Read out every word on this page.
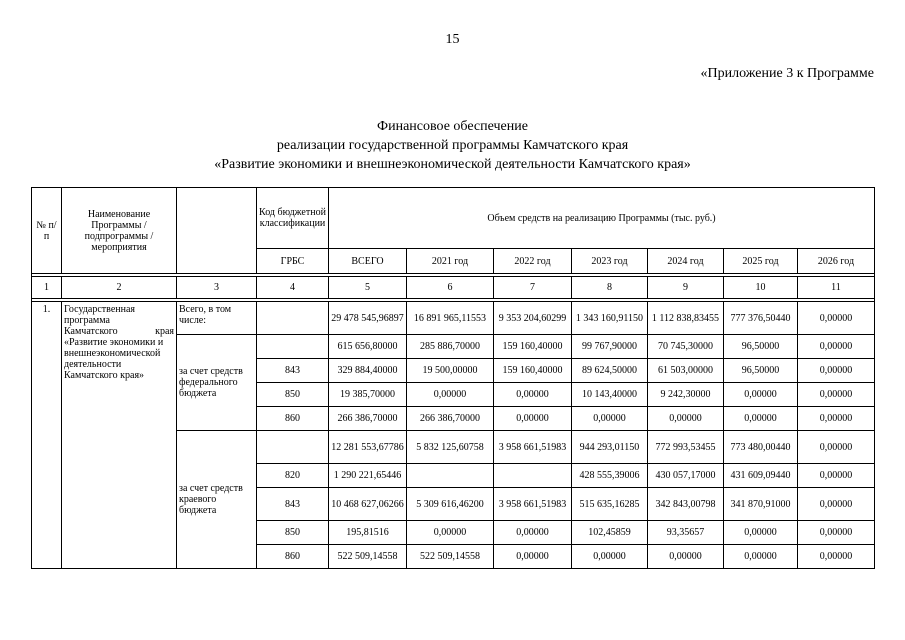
15
«Приложение 3 к Программе
Финансовое обеспечение
реализации государственной программы Камчатского края
«Развитие экономики и внешнеэкономической деятельности Камчатского края»
№ п/п	Наименование Программы / подпрограммы / мероприятия		Код бюджетной классификации	Объем средств на реализацию Программы (тыс. руб.)						
			ГРБС	ВСЕГО	2021 год	2022 год	2023 год	2024 год	2025 год	2026 год

1	2	3	4	5	6	7	8	9	10	11

1.	Государственная программа
Камчатского края
«Развитие экономики и внешнеэкономической деятельности Камчатского края»	Всего, в том числе:		29 478 545,96897	16 891 965,11553	9 353 204,60299	1 343 160,91150	1 112 838,83455	777 376,50440	0,00000
		за счет средств федерального бюджета		615 656,80000	285 886,70000	159 160,40000	99 767,90000	70 745,30000	96,50000	0,00000
			843	329 884,40000	19 500,00000	159 160,40000	89 624,50000	61 503,00000	96,50000	0,00000
			850	19 385,70000	0,00000	0,00000	10 143,40000	9 242,30000	0,00000	0,00000
			860	266 386,70000	266 386,70000	0,00000	0,00000	0,00000	0,00000	0,00000
		за счет средств краевого бюджета		12 281 553,67786	5 832 125,60758	3 958 661,51983	944 293,01150	772 993,53455	773 480,00440	0,00000
			820	1 290 221,65446			428 555,39006	430 057,17000	431 609,09440	0,00000
			843	10 468 627,06266	5 309 616,46200	3 958 661,51983	515 635,16285	342 843,00798	341 870,91000	0,00000
			850	195,81516	0,00000	0,00000	102,45859	93,35657	0,00000	0,00000
			860	522 509,14558	522 509,14558	0,00000	0,00000	0,00000	0,00000	0,00000
